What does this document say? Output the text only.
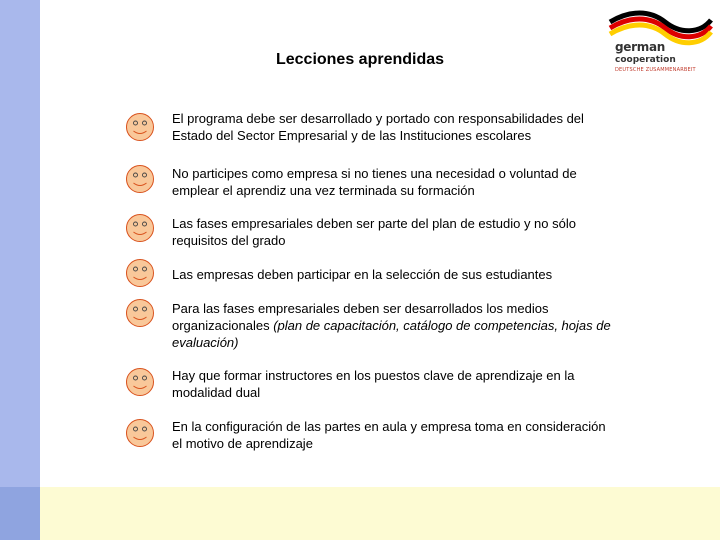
Lecciones aprendidas
german
cooperation
DEUTSCHE ZUSAMMENARBEIT
El programa debe ser desarrollado y portado con responsabilidades del Estado del Sector Empresarial y de las Instituciones escolares
No participes como empresa si no tienes una necesidad o voluntad de emplear el aprendiz una vez terminada su formación
Las fases empresariales deben ser parte del plan de estudio y no sólo requisitos del grado
Las empresas deben participar en la selección de sus estudiantes
Para las fases empresariales deben ser desarrollados los medios organizacionales (plan de capacitación, catálogo de competencias, hojas de evaluación)
Hay que formar instructores en los puestos clave de aprendizaje en la modalidad dual
En la configuración de las partes en aula y empresa toma en consideración el motivo de aprendizaje
